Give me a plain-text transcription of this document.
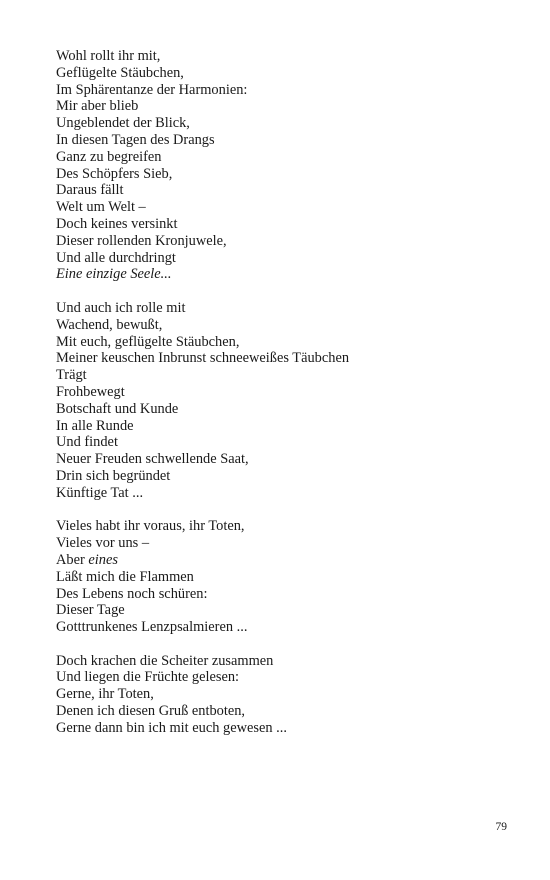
Wohl rollt ihr mit,
Geflügelte Stäubchen,
Im Sphärentanze der Harmonien:
Mir aber blieb
Ungeblendet der Blick,
In diesen Tagen des Drangs
Ganz zu begreifen
Des Schöpfers Sieb,
Daraus fällt
Welt um Welt –
Doch keines versinkt
Dieser rollenden Kronjuwele,
Und alle durchdringt
Eine einzige Seele...
Und auch ich rolle mit
Wachend, bewußt,
Mit euch, geflügelte Stäubchen,
Meiner keuschen Inbrunst schneeweißes Täubchen
Trägt
Frohbewegt
Botschaft und Kunde
In alle Runde
Und findet
Neuer Freuden schwellende Saat,
Drin sich begründet
Künftige Tat ...
Vieles habt ihr voraus, ihr Toten,
Vieles vor uns –
Aber eines
Läßt mich die Flammen
Des Lebens noch schüren:
Dieser Tage
Gotttrunkenes Lenzpsalmieren ...
Doch krachen die Scheiter zusammen
Und liegen die Früchte gelesen:
Gerne, ihr Toten,
Denen ich diesen Gruß entboten,
Gerne dann bin ich mit euch gewesen ...
79
